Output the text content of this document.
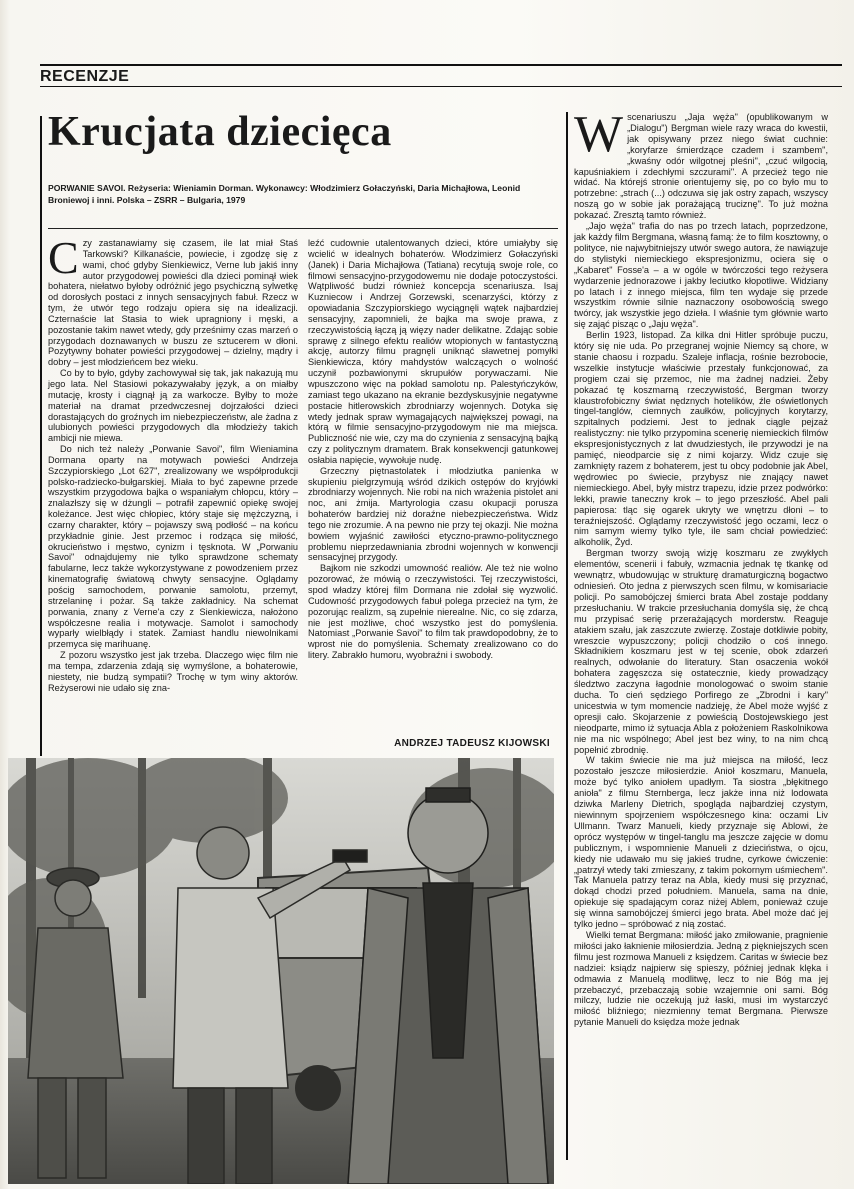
RECENZJE
Krucjata dziecięca
PORWANIE SAVOI. Reżyseria: Wieniamin Dorman. Wykonawcy: Włodzimierz Gołaczyński, Daria Michajłowa, Leonid Broniewoj i inni. Polska – ZSRR – Bulgaria, 1979

Czy zastanawiamy się czasem, ile lat miał Staś Tarkowski? Kilkanaście, powiecie, i zgodzę się z wami, choć gdyby Sienkiewicz, Verne lub jakiś inny autor przygodowej powieści dla dzieci pominął wiek bohatera, niełatwo byłoby odróżnić jego psychiczną sylwetkę od dorosłych postaci z innych sensacyjnych fabuł. Rzecz w tym, że utwór tego rodzaju opiera się na idealizacji. Czternaście lat Stasia to wiek upragniony i męski, a pozostanie takim nawet wtedy, gdy prześnimy czas marzeń o przygodach doznawanych w buszu ze sztucerem w dłoni. Pozytywny bohater powieści przygodowej – dzielny, mądry i dobry – jest młodzieńcem bez wieku.

Co by to było, gdyby zachowywał się tak, jak nakazują mu jego lata. Nel Stasiowi pokazywałaby język, a on miałby mutację, krosty i ciągnął ją za warkocze. Byłby to może materiał na dramat przedwczesnej dojrzałości dzieci dorastających do groźnych im niebezpieczeństw, ale żadna z ulubionych powieści przygodowych dla młodzieży takich ambicji nie miewa.

Do nich też należy „Porwanie Savoi", film Wieniamina Dormana oparty na motywach powieści Andrzeja Szczypiorskiego „Lot 627", zrealizowany we współprodukcji polsko-radziecko-bułgarskiej. Miała to być zapewne przede wszystkim przygodowa bajka o wspaniałym chłopcu, który – znalazłszy się w dżungli – potrafił zapewnić opiekę swojej koleżance. Jest więc chłopiec, który staje się mężczyzną, i czarny charakter, który – pojawszy swą podłość – na końcu przykładnie ginie. Jest przemoc i rodząca się miłość, okrucieństwo i męstwo, cynizm i tęsknota. W „Porwaniu Savoi" odnajdujemy nie tylko sprawdzone schematy fabularne, lecz także wykorzystywane z powodzeniem przez kinematografię światową chwyty sensacyjne. Oglądamy pościg samochodem, porwanie samolotu, przemyt, strzelaninę i pożar. Są także zakładnicy. Na schemat porwania, znany z Verne'a czy z Sienkiewicza, nałożono współczesne realia i motywacje. Samolot i samochody wyparły wielbłądy i statek. Zamiast handlu niewolnikami przemyca się marihuanę.

Z pozoru wszystko jest jak trzeba. Dlaczego więc film nie ma tempa, zdarzenia zdają się wymyślone, a bohaterowie, niestety, nie budzą sympatii? Trochę w tym winy aktorów. Reżyserowi nie udało się zna-

leźć cudownie utalentowanych dzieci, które umiałyby się wcielić w idealnych bohaterów. Włodzimierz Gołaczyński (Janek) i Daria Michajłowa (Tatiana) recytują swoje role, co filmowi sensacyjno-przygodowemu nie dodaje potoczystości. Wątpliwość budzi również koncepcja scenariusza. Isaj Kuzniecow i Andrzej Gorzewski, scenarzyści, którzy z opowiadania Szczypiorskiego wyciągnęli wątek najbardziej sensacyjny, zapomnieli, że bajka ma swoje prawa, z rzeczywistością łączą ją więzy nader delikatne. Zdając sobie sprawę z silnego efektu realiów wtopionych w fantastyczną akcję, autorzy filmu pragnęli uniknąć sławetnej pomyłki Sienkiewicza, który mahdystów walczących o wolność uczynił pozbawionymi skrupułów porywaczami. Nie wpuszczono więc na pokład samolotu np. Palestyńczyków, zamiast tego ukazano na ekranie bezdyskusyjnie negatywne postacie hitlerowskich zbrodniarzy wojennych. Dotyka się wtedy jednak spraw wymagających największej powagi, na którą w filmie sensacyjno-przygodowym nie ma miejsca. Publiczność nie wie, czy ma do czynienia z sensacyjną bajką czy z politycznym dramatem. Brak konsekwencji gatunkowej osłabia napięcie, wywołuje nudę.

Grzeczny piętnastolatek i młodziutka panienka w skupieniu pielgrzymują wśród dzikich ostępów do kryjówki zbrodniarzy wojennych. Nie robi na nich wrażenia pistolet ani noc, ani żmija. Martyrologia czasu okupacji porusza bohaterów bardziej niż doraźne niebezpieczeństwa. Widz tego nie zrozumie. A na pewno nie przy tej okazji. Nie można bowiem wyjaśnić zawiłości etyczno-prawno-politycznego problemu nieprzedawniania zbrodni wojennych w konwencji sensacyjnej przygody.

Bajkom nie szkodzi umowność realiów. Ale też nie wolno pozorować, że mówią o rzeczywistości. Tej rzeczywistości, spod władzy której film Dormana nie zdołał się wyzwolić. Cudowność przygodowych fabuł polega przecież na tym, że pozorując realizm, są zupełnie nierealne. Nic, co się zdarza, nie jest możliwe, choć wszystko jest do pomyślenia. Natomiast „Porwanie Savoi" to film tak prawdopodobny, że to wprost nie do pomyślenia. Schematy zrealizowano co do litery. Zabrakło humoru, wyobraźni i swobody.

ANDRZEJ TADEUSZ KIJOWSKI

Wscenariuszu „Jaja węża" (opublikowanym w „Dialogu") Bergman wiele razy wraca do kwestii, jak opisywany przez niego świat cuchnie: „koryfarze śmierdzące czadem i szambem", „kwaśny odór wilgotnej pleśni", „czuć wilgocią, kapuśniakiem i zdechłymi szczurami". A przecież tego nie widać. Na którejś stronie orientujemy się, po co było mu to potrzebne: „strach (...) odczuwa się jak ostry zapach, wszyscy noszą go w sobie jak porażającą truciznę". To już można pokazać. Zresztą tamto również.

„Jajo węża" trafia do nas po trzech latach, poprzedzone, jak każdy film Bergmana, własną famą: że to film kosztowny, o polityce, nie najwybitniejszy utwór swego autora, że nawiązuje do stylistyki niemieckiego ekspresjonizmu, ociera się o „Kabaret" Fosse'a – a w ogóle w twórczości tego reżysera wydarzenie jednorazowe i jakby leciutko kłopotliwe. Widziany po latach i z innego miejsca, film ten wydaje się przede wszystkim równie silnie naznaczony osobowością swego twórcy, jak wszystkie jego dzieła. I właśnie tym głównie warto się zająć pisząc o „Jaju węża".

Berlin 1923, listopad. Za kilka dni Hitler spróbuje puczu, który się nie uda. Po przegranej wojnie Niemcy są chore, w stanie chaosu i rozpadu. Szaleje inflacja, rośnie bezrobocie, wszelkie instytucje właściwie przestały funkcjonować, za progiem czai się przemoc, nie ma żadnej nadziei. Żeby pokazać tę koszmarną rzeczywistość, Bergman tworzy klaustrofobiczny świat nędznych hotelików, źle oświetlonych tingel-tanglów, ciemnych zaułków, policyjnych korytarzy, szpitalnych podziemi. Jest to jednak ciągle pejzaż realistyczny: nie tylko przypomina scenerię niemieckich filmów ekspresjonistycznych z lat dwudziestych, ile przywodzi je na pamięć, nieodparcie się z nimi kojarzy. Widz czuje się zamknięty razem z bohaterem, jest tu obcy podobnie jak Abel, wędrowiec po świecie, przybysz nie znający nawet niemieckiego. Abel, były mistrz trapezu, idzie przez podwórko: lekki, prawie taneczny krok – to jego przeszłość. Abel pali papierosa: tląc się ogarek ukryty we wnętrzu dłoni – to teraźniejszość. Oglądamy rzeczywistość jego oczami, lecz o nim samym wiemy tylko tyle, ile sam chciał powiedzieć: alkoholik, Żyd.

Bergman tworzy swoją wizję koszmaru ze zwykłych elementów, scenerii i fabuły, wzmacnia jednak tę tkankę od wewnątrz, wbudowując w strukturę dramaturgiczną bogactwo odniesień. Oto jedna z pierwszych scen filmu, w komisariacie policji. Po samobójczej śmierci brata Abel zostaje poddany przesłuchaniu. W trakcie przesłuchania domyśla się, że chcą mu przypisać serię przerażających morderstw. Reaguje atakiem szału, jak zaszczute zwierzę. Zostaje dotkliwie pobity, wreszcie wypuszczony; policji chodziło o coś innego. Składnikiem koszmaru jest w tej scenie, obok zdarzeń realnych, odwołanie do literatury. Stan osaczenia wokół bohatera zagęszcza się ostatecznie, kiedy prowadzący śledztwo zaczyna łagodnie monologować o swoim stanie ducha. To cień sędziego Porfirego ze „Zbrodni i kary" unicestwia w tym momencie nadzieję, że Abel może wyjść z opresji cało. Skojarzenie z powieścią Dostojewskiego jest nieodparte, mimo iż sytuacja Abla z położeniem Raskolnikowa nie ma nic wspólnego; Abel jest bez winy, to na nim chcą popełnić zbrodnię.

W takim świecie nie ma już miejsca na miłość, lecz pozostało jeszcze miłosierdzie. Anioł koszmaru, Manuela, może być tylko aniołem upadłym. Ta siostra „błękitnego anioła" z filmu Sternberga, lecz jakże inna niż lodowata dziwka Marleny Dietrich, spogląda najbardziej czystym, niewinnym spojrzeniem współczesnego kina: oczami Liv Ullmann. Twarz Manueli, kiedy przyznaje się Ablowi, że oprócz występów w tingel-tanglu ma jeszcze zajęcie w domu publicznym, i wspomnienie Manueli z dzieciństwa, o ojcu, kiedy nie udawało mu się jakieś trudne, cyrkowe ćwiczenie: „patrzył wtedy taki zmieszany, z takim pokornym uśmiechem". Tak Manuela patrzy teraz na Abla, kiedy musi się przyznać, dokąd chodzi przed południem. Manuela, sama na dnie, opiekuje się spadającym coraz niżej Ablem, ponieważ czuje się winna samobójczej śmierci jego brata. Abel może dać jej tylko jedno – spróbować z nią zostać.

Wielki temat Bergmana: miłość jako zmiłowanie, pragnienie miłości jako łaknienie miłosierdzia. Jedną z piękniejszych scen filmu jest rozmowa Manueli z księdzem. Caritas w świecie bez nadziei: ksiądz najpierw się spieszy, później jednak klęka i odmawia z Manuelą modlitwę, lecz to nie Bóg ma jej przebaczyć, przebaczają sobie wzajemnie oni sami. Bóg milczy, ludzie nie oczekują już łaski, musi im wystarczyć miłość bliźniego; niezmienny temat Bergmana. Pierwsze pytanie Manueli do księdza może jednak
